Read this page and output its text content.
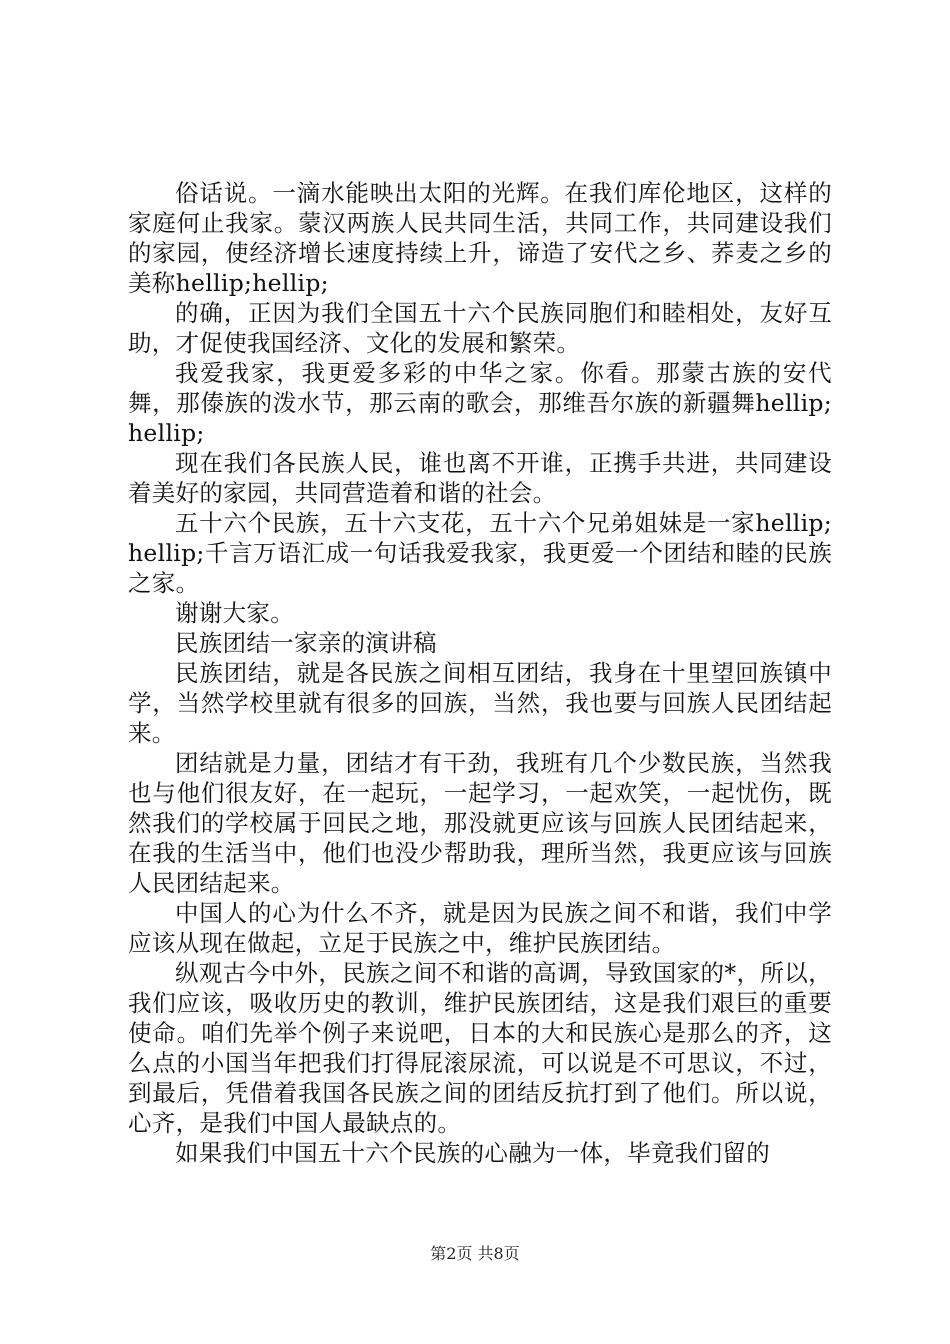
俗话说。一滴水能映出太阳的光辉。在我们库伦地区，这样的家庭何止我家。蒙汉两族人民共同生活，共同工作，共同建设我们的家园，使经济增长速度持续上升，谛造了安代之乡、荞麦之乡的美称hellip;hellip;

的确，正因为我们全国五十六个民族同胞们和睦相处，友好互助，才促使我国经济、文化的发展和繁荣。

我爱我家，我更爱多彩的中华之家。你看。那蒙古族的安代舞，那傣族的泼水节，那云南的歌会，那维吾尔族的新疆舞hellip;hellip;

现在我们各民族人民，谁也离不开谁，正携手共进，共同建设着美好的家园，共同营造着和谐的社会。

五十六个民族，五十六支花，五十六个兄弟姐妹是一家hellip;hellip;千言万语汇成一句话我爱我家，我更爱一个团结和睦的民族之家。

谢谢大家。

民族团结一家亲的演讲稿

民族团结，就是各民族之间相互团结，我身在十里望回族镇中学，当然学校里就有很多的回族，当然，我也要与回族人民团结起来。

团结就是力量，团结才有干劲，我班有几个少数民族，当然我也与他们很友好，在一起玩，一起学习，一起欢笑，一起忧伤，既然我们的学校属于回民之地，那没就更应该与回族人民团结起来，在我的生活当中，他们也没少帮助我，理所当然，我更应该与回族人民团结起来。

中国人的心为什么不齐，就是因为民族之间不和谐，我们中学应该从现在做起，立足于民族之中，维护民族团结。

纵观古今中外，民族之间不和谐的高调，导致国家的*，所以，我们应该，吸收历史的教训，维护民族团结，这是我们艰巨的重要使命。咱们先举个例子来说吧，日本的大和民族心是那么的齐，这么点的小国当年把我们打得屁滚尿流，可以说是不可思议，不过，到最后，凭借着我国各民族之间的团结反抗打到了他们。所以说，心齐，是我们中国人最缺点的。

如果我们中国五十六个民族的心融为一体，毕竟我们留的

第2页 共8页
